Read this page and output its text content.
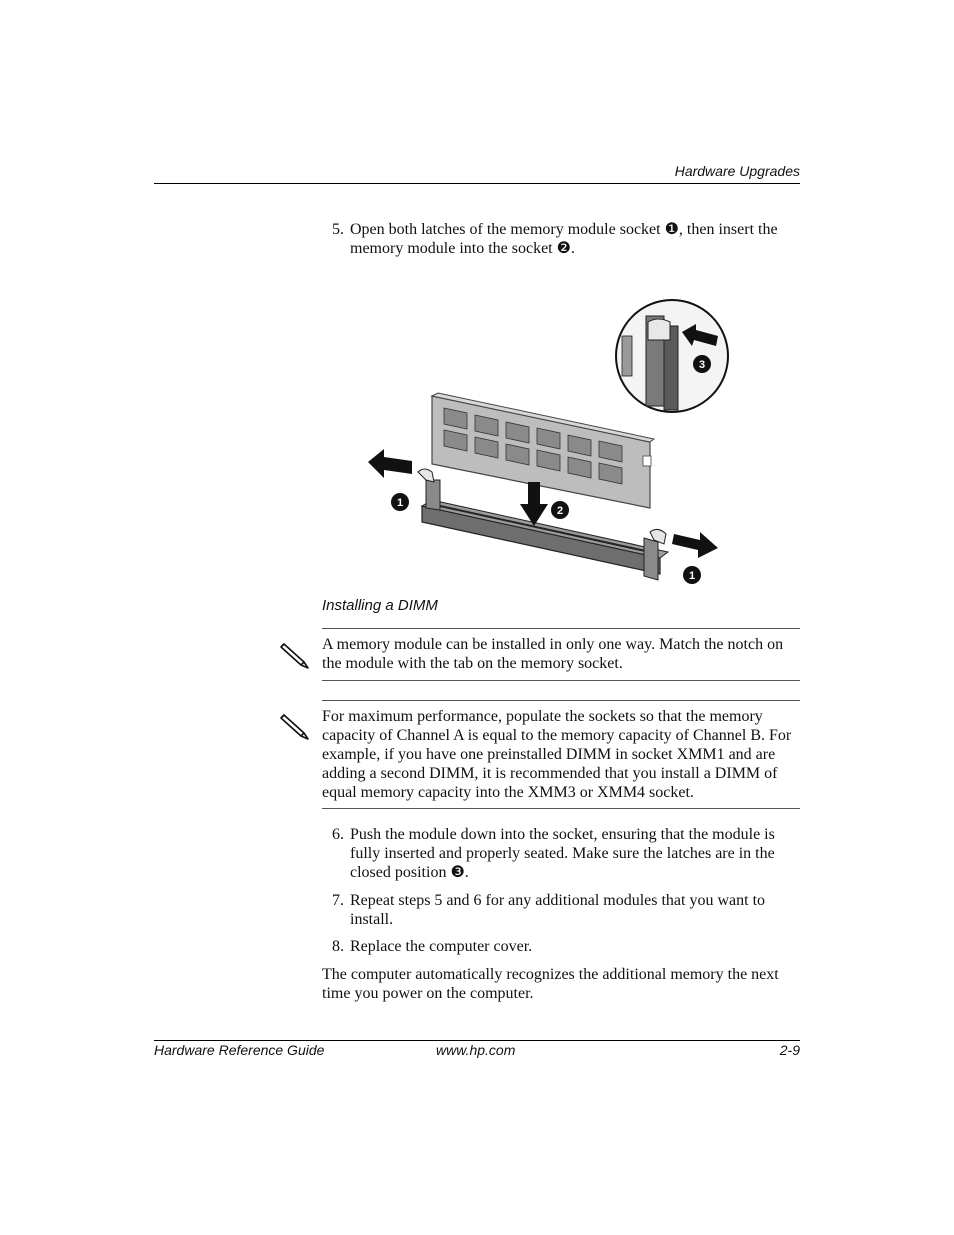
Hardware Upgrades
5. Open both latches of the memory module socket ❶, then insert the memory module into the socket ❷.
1
2
1
3
Installing a DIMM
A memory module can be installed in only one way. Match the notch on the module with the tab on the memory socket.
For maximum performance, populate the sockets so that the memory capacity of Channel A is equal to the memory capacity of Channel B. For example, if you have one preinstalled DIMM in socket XMM1 and are adding a second DIMM, it is recommended that you install a DIMM of equal memory capacity into the XMM3 or XMM4 socket.
6. Push the module down into the socket, ensuring that the module is fully inserted and properly seated. Make sure the latches are in the closed position ❸.
7. Repeat steps 5 and 6 for any additional modules that you want to install.
8. Replace the computer cover.
The computer automatically recognizes the additional memory the next time you power on the computer.
Hardware Reference Guide	www.hp.com	2-9
